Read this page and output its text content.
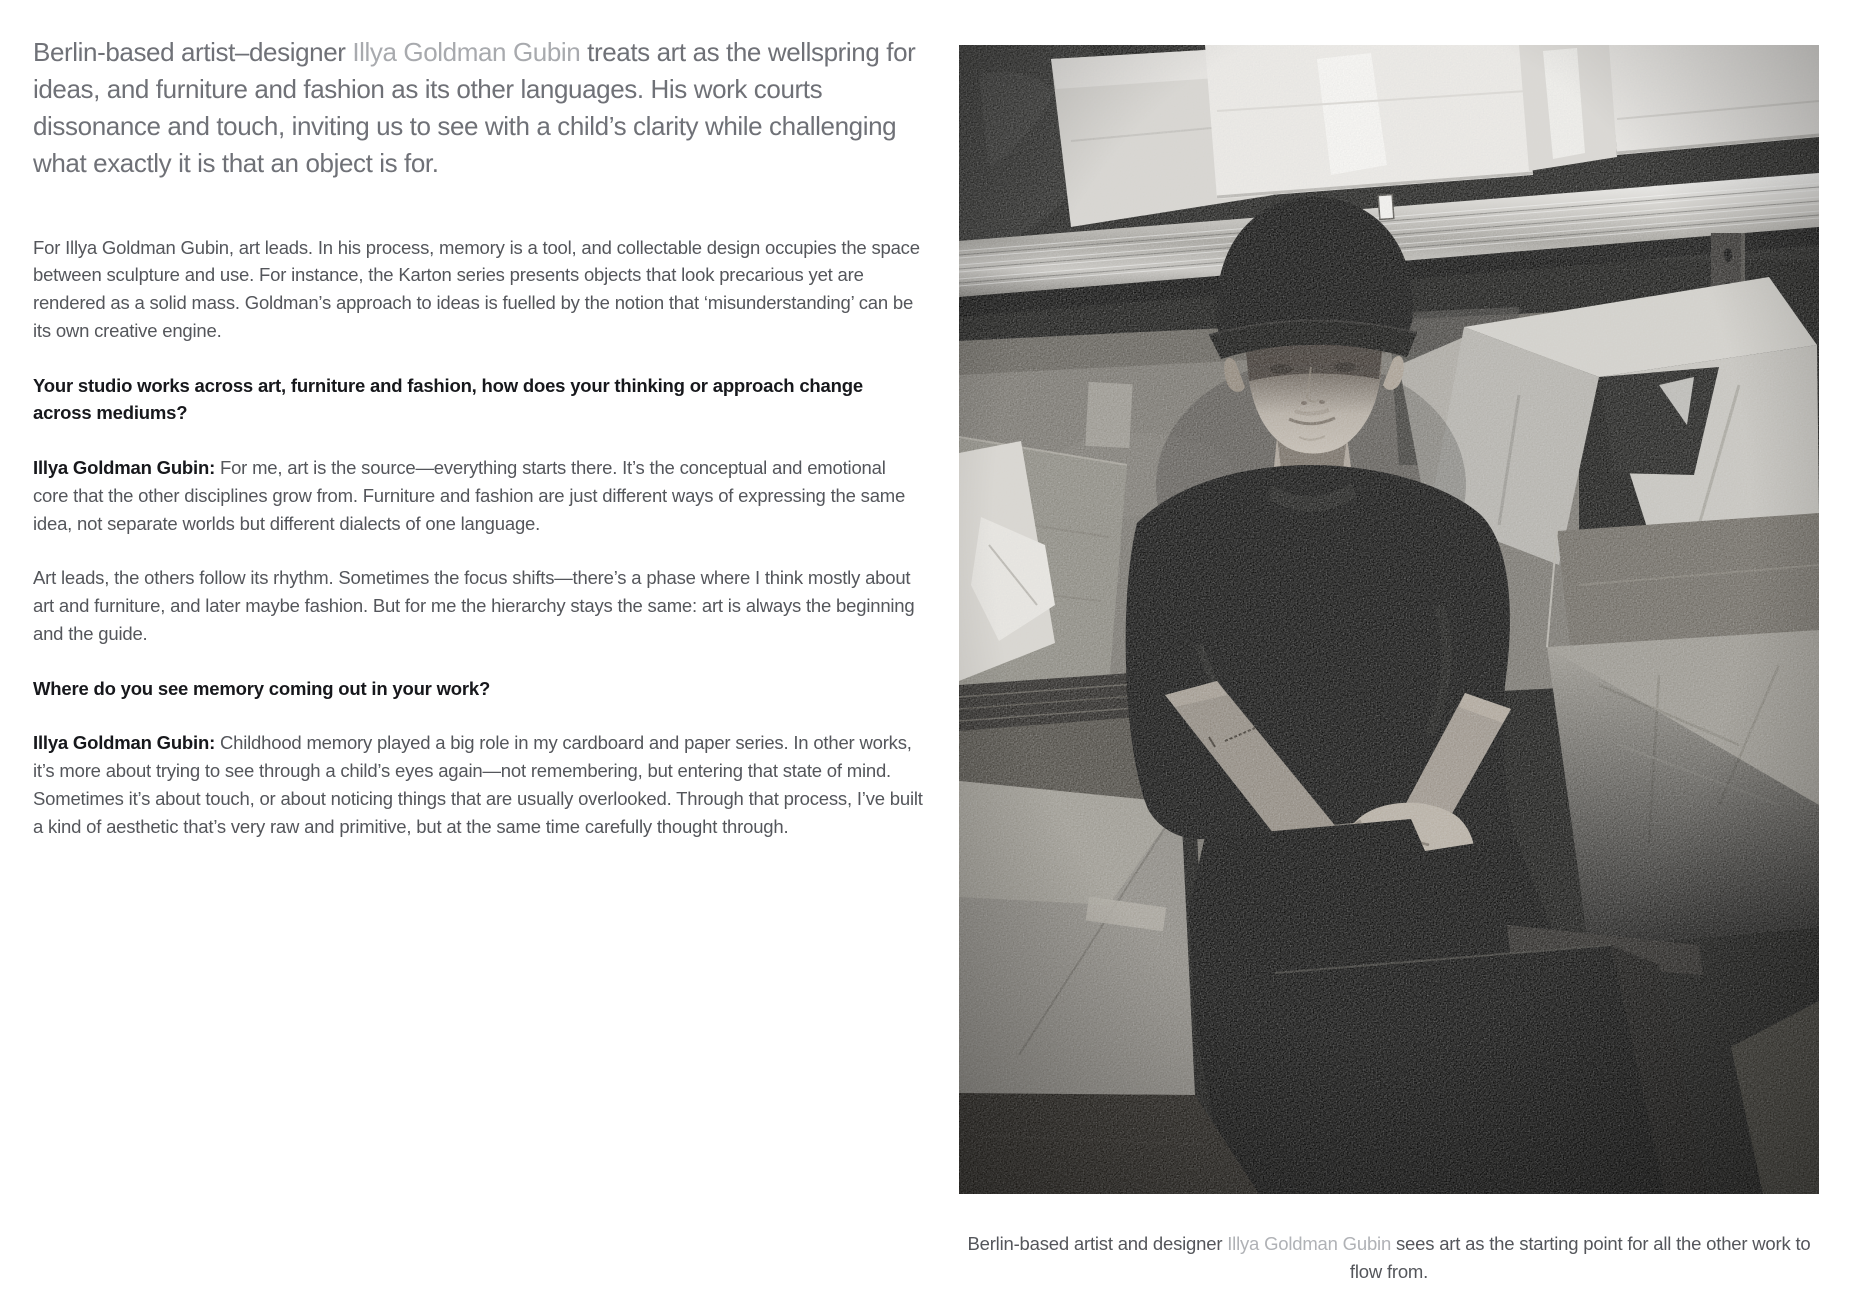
Berlin-based artist–designer Illya Goldman Gubin treats art as the wellspring for ideas, and furniture and fashion as its other languages. His work courts dissonance and touch, inviting us to see with a child’s clarity while challenging what exactly it is that an object is for.

For Illya Goldman Gubin, art leads. In his process, memory is a tool, and collectable design occupies the space between sculpture and use. For instance, the Karton series presents objects that look precarious yet are rendered as a solid mass. Goldman’s approach to ideas is fuelled by the notion that ‘misunderstanding’ can be its own creative engine.

Your studio works across art, furniture and fashion, how does your thinking or approach change across mediums?

Illya Goldman Gubin: For me, art is the source—everything starts there. It’s the conceptual and emotional core that the other disciplines grow from. Furniture and fashion are just different ways of expressing the same idea, not separate worlds but different dialects of one language.

Art leads, the others follow its rhythm. Sometimes the focus shifts—there’s a phase where I think mostly about art and furniture, and later maybe fashion. But for me the hierarchy stays the same: art is always the beginning and the guide.

Where do you see memory coming out in your work?

Illya Goldman Gubin: Childhood memory played a big role in my cardboard and paper series. In other works, it’s more about trying to see through a child’s eyes again—not remembering, but entering that state of mind. Sometimes it’s about touch, or about noticing things that are usually overlooked. Through that process, I’ve built a kind of aesthetic that’s very raw and primitive, but at the same time carefully thought through.

Berlin-based artist and designer Illya Goldman Gubin sees art as the starting point for all the other work to flow from.
